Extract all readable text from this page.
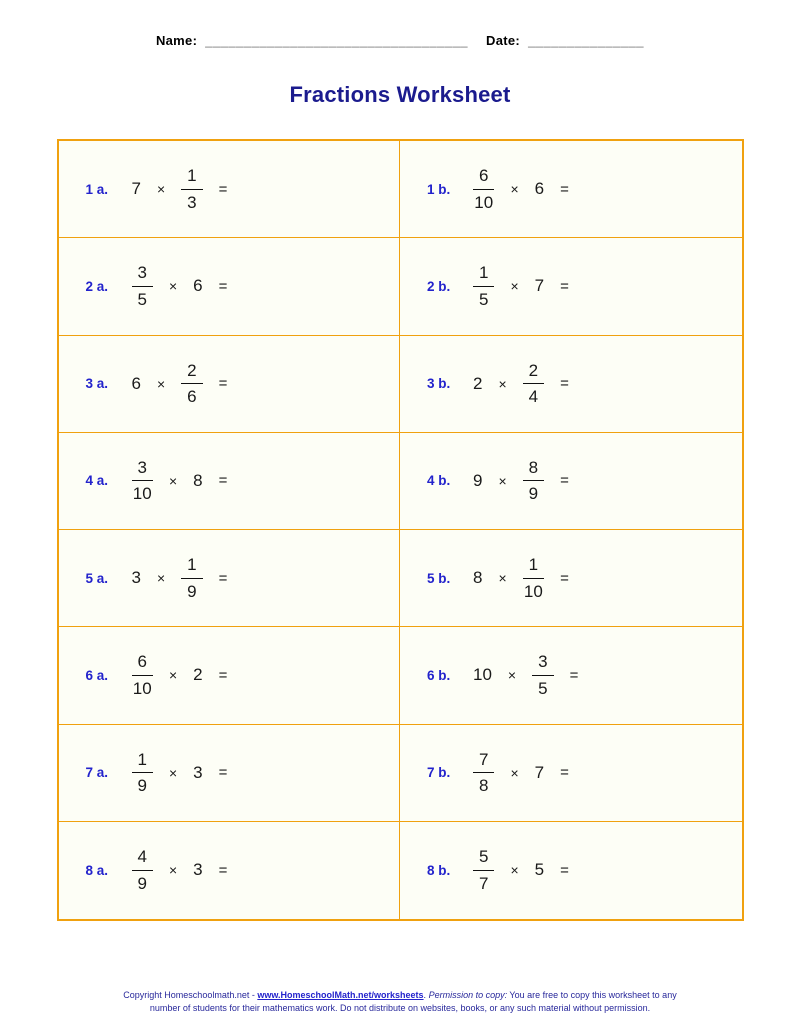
Name: __________________________________ Date: _______________
Fractions Worksheet
1 a.	$7 \times \frac{1}{3}$ =	1 b.	$\frac{6}{10} \times 6$ =
2 a.	$\frac{3}{5} \times 6$ =	2 b.	$\frac{1}{5} \times 7$ =
3 a.	$6 \times \frac{2}{6}$ =	3 b.	$2 \times \frac{2}{4}$ =
4 a.	$\frac{3}{10} \times 8$ =	4 b.	$9 \times \frac{8}{9}$ =
5 a.	$3 \times \frac{1}{9}$ =	5 b.	$8 \times \frac{1}{10}$ =
6 a.	$\frac{6}{10} \times 2$ =	6 b.	$10 \times \frac{3}{5}$ =
7 a.	$\frac{1}{9} \times 3$ =	7 b.	$\frac{7}{8} \times 7$ =
8 a.	$\frac{4}{9} \times 3$ =	8 b.	$\frac{5}{7} \times 5$ =
Copyright Homeschoolmath.net - www.HomeschoolMath.net/worksheets. Permission to copy: You are free to copy this worksheet to any
number of students for their mathematics work. Do not distribute on websites, books, or any such material without permission.
